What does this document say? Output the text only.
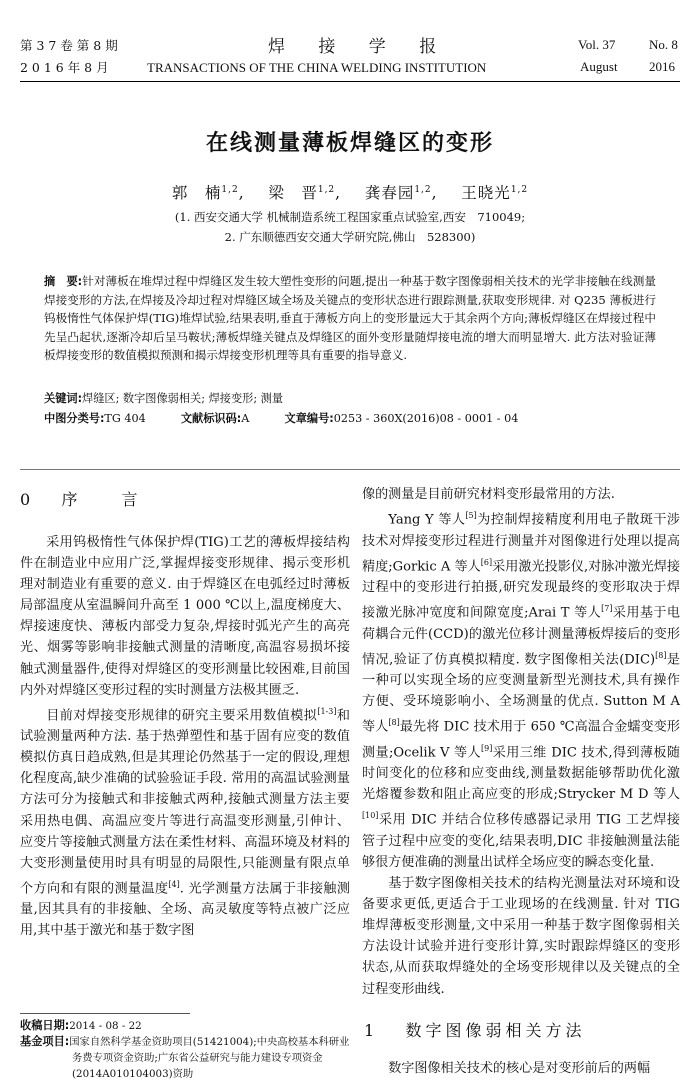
第 3 7 卷 第 8 期
2 0 1 6 年 8 月
焊 接 学 报
TRANSACTIONS OF THE CHINA WELDING INSTITUTION
Vol. 37	No. 8
August 2016
在线测量薄板焊缝区的变形
郭　楠$^{1,2}$,    梁　晋$^{1,2}$,    龚春园$^{1,2}$,    王晓光$^{1,2}$
(1. 西安交通大学 机械制造系统工程国家重点试验室,西安　710049;
2. 广东顺德西安交通大学研究院,佛山　528300)
摘　要:针对薄板在堆焊过程中焊缝区发生较大塑性变形的问题,提出一种基于数字图像弱相关技术的光学非接触在线测量焊接变形的方法,在焊接及冷却过程对焊缝区域全场及关键点的变形状态进行跟踪测量,获取变形规律. 对 Q235 薄板进行钨极惰性气体保护焊(TIG)堆焊试验,结果表明,垂直于薄板方向上的变形量远大于其余两个方向;薄板焊缝区在焊接过程中先呈凸起状,逐渐冷却后呈马鞍状;薄板焊缝关键点及焊缝区的面外变形量随焊接电流的增大而明显增大. 此方法对验证薄板焊接变形的数值模拟预测和揭示焊接变形机理等具有重要的指导意义.
关键词:焊缝区; 数字图像弱相关; 焊接变形; 测量
中图分类号:TG 404	文献标识码:A	文章编号:0253 - 360X(2016)08 - 0001 - 04
0 序　　言

采用钨极惰性气体保护焊(TIG)工艺的薄板焊接结构件在制造业中应用广泛,掌握焊接变形规律、揭示变形机理对制造业有重要的意义. 由于焊缝区在电弧经过时薄板局部温度从室温瞬间升高至 1 000 ℃以上,温度梯度大、焊接速度快、薄板内部受力复杂,焊接时弧光产生的高亮光、烟雾等影响非接触式测量的清晰度,高温容易损坏接触式测量器件,使得对焊缝区的变形测量比较困难,目前国内外对焊缝区变形过程的实时测量方法极其匮乏.

目前对焊接变形规律的研究主要采用数值模拟[1-3]和试验测量两种方法. 基于热弹塑性和基于固有应变的数值模拟仿真日趋成熟,但是其理论仍然基于一定的假设,理想化程度高,缺少准确的试验验证手段. 常用的高温试验测量方法可分为接触式和非接触式两种,接触式测量方法主要采用热电偶、高温应变片等进行高温变形测量,引伸计、应变片等接触式测量方法在柔性材料、高温环境及材料的大变形测量使用时具有明显的局限性,只能测量有限点单个方向和有限的测量温度[4]. 光学测量方法属于非接触测量,因其具有的非接触、全场、高灵敏度等特点被广泛应用,其中基于激光和基于数字图

像的测量是目前研究材料变形最常用的方法.

Yang Y 等人[5]为控制焊接精度利用电子散斑干涉技术对焊接变形过程进行测量并对图像进行处理以提高精度;Gorkic A 等人[6]采用激光投影仪,对脉冲激光焊接过程中的变形进行拍摄,研究发现最终的变形取决于焊接激光脉冲宽度和间隙宽度;Arai T 等人[7]采用基于电荷耦合元件(CCD)的激光位移计测量薄板焊接后的变形情况,验证了仿真模拟精度. 数字图像相关法(DIC)[8]是一种可以实现全场的应变测量新型光测技术,具有操作方便、受环境影响小、全场测量的优点. Sutton M A 等人[8]最先将 DIC 技术用于 650 ℃高温合金蠕变变形测量;Ocelik V 等人[9]采用三维 DIC 技术,得到薄板随时间变化的位移和应变曲线,测量数据能够帮助优化激光熔覆参数和阻止高应变的形成;Strycker M D 等人[10]采用 DIC 并结合位移传感器记录用 TIG 工艺焊接管子过程中应变的变化,结果表明,DIC 非接触测量法能够很方便准确的测量出试样全场应变的瞬态变化量.

基于数字图像相关技术的结构光测量法对环境和设备要求更低,更适合于工业现场的在线测量. 针对 TIG 堆焊薄板变形测量,文中采用一种基于数字图像弱相关方法设计试验并进行变形计算,实时跟踪焊缝区的变形状态,从而获取焊缝处的全场变形规律以及关键点的全过程变形曲线.

1 数字图像弱相关方法

数字图像相关技术的核心是对变形前后的两幅

收稿日期:2014 - 08 - 22
基金项目:国家自然科学基金资助项目(51421004);中央高校基本科研业务费专项资金资助;广东省公益研究与能力建设专项资金(2014A010104003)资助
